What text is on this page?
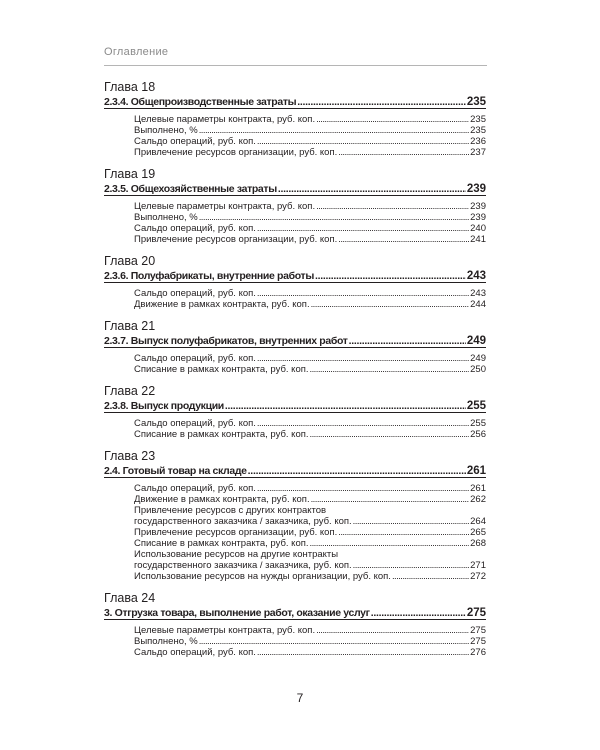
Оглавление
Глава 18
2.3.4. Общепроизводственные затраты . . .	235
Целевые параметры контракта, руб. коп. . . .	235
Выполнено, % . . .	235
Сальдо операций, руб. коп. . . .	236
Привлечение ресурсов организации, руб. коп. . . .	237
Глава 19
2.3.5. Общехозяйственные затраты . . .	239
Целевые параметры контракта, руб. коп. . . .	239
Выполнено, % . . .	239
Сальдо операций, руб. коп. . . .	240
Привлечение ресурсов организации, руб. коп. . . .	241
Глава 20
2.3.6. Полуфабрикаты, внутренние работы . . .	243
Сальдо операций, руб. коп. . . .	243
Движение в рамках контракта, руб. коп. . . .	244
Глава 21
2.3.7. Выпуск полуфабрикатов, внутренних работ . . .	249
Сальдо операций, руб. коп. . . .	249
Списание в рамках контракта, руб. коп. . . .	250
Глава 22
2.3.8. Выпуск продукции . . .	255
Сальдо операций, руб. коп. . . .	255
Списание в рамках контракта, руб. коп. . . .	256
Глава 23
2.4. Готовый товар на складе . . .	261
Сальдо операций, руб. коп. . . .	261
Движение в рамках контракта, руб. коп. . . .	262
Привлечение ресурсов с других контрактов
государственного заказчика / заказчика, руб. коп. . . .	264
Привлечение ресурсов организации, руб. коп. . . .	265
Списание в рамках контракта, руб. коп. . . .	268
Использование ресурсов на другие контракты
государственного заказчика / заказчика, руб. коп. . . .	271
Использование ресурсов на нужды организации, руб. коп. . . .	272
Глава 24
3. Отгрузка товара, выполнение работ, оказание услуг . . .	275
Целевые параметры контракта, руб. коп. . . .	275
Выполнено, % . . .	275
Сальдо операций, руб. коп. . . .	276
7
